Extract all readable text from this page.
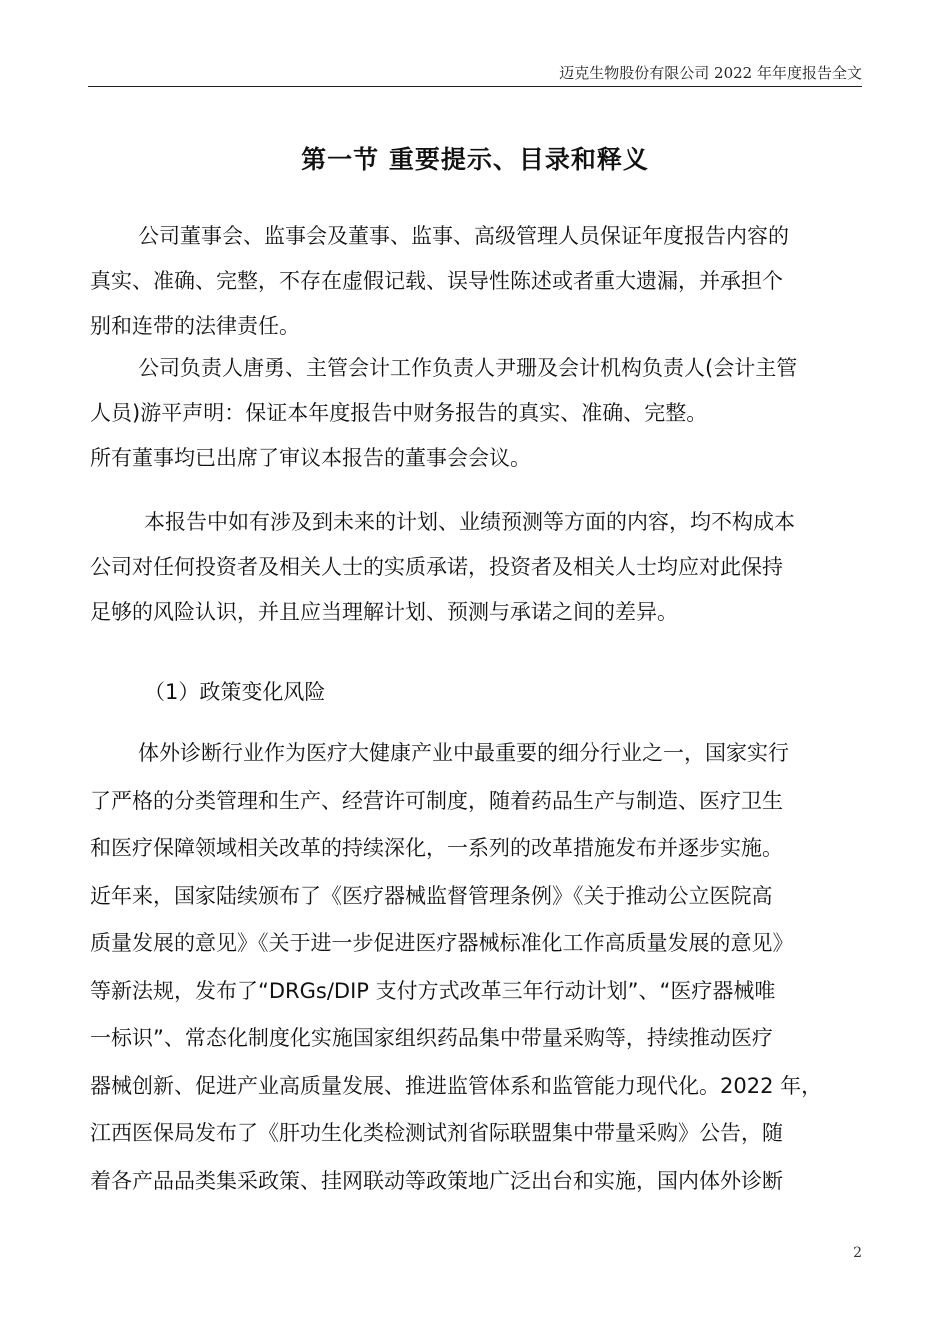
迈克生物股份有限公司 2022 年年度报告全文
第一节 重要提示、目录和释义
公司董事会、监事会及董事、监事、高级管理人员保证年度报告内容的
真实、准确、完整，不存在虚假记载、误导性陈述或者重大遗漏，并承担个
别和连带的法律责任。
公司负责人唐勇、主管会计工作负责人尹珊及会计机构负责人(会计主管
人员)游平声明：保证本年度报告中财务报告的真实、准确、完整。
所有董事均已出席了审议本报告的董事会会议。
本报告中如有涉及到未来的计划、业绩预测等方面的内容，均不构成本
公司对任何投资者及相关人士的实质承诺，投资者及相关人士均应对此保持
足够的风险认识，并且应当理解计划、预测与承诺之间的差异。
（1）政策变化风险
体外诊断行业作为医疗大健康产业中最重要的细分行业之一，国家实行
了严格的分类管理和生产、经营许可制度，随着药品生产与制造、医疗卫生
和医疗保障领域相关改革的持续深化，一系列的改革措施发布并逐步实施。
近年来，国家陆续颁布了《医疗器械监督管理条例》《关于推动公立医院高
质量发展的意见》《关于进一步促进医疗器械标准化工作高质量发展的意见》
等新法规，发布了“DRGs/DIP 支付方式改革三年行动计划”、“医疗器械唯
一标识”、常态化制度化实施国家组织药品集中带量采购等，持续推动医疗
器械创新、促进产业高质量发展、推进监管体系和监管能力现代化。2022 年，
江西医保局发布了《肝功生化类检测试剂省际联盟集中带量采购》公告，随
着各产品品类集采政策、挂网联动等政策地广泛出台和实施，国内体外诊断
2
